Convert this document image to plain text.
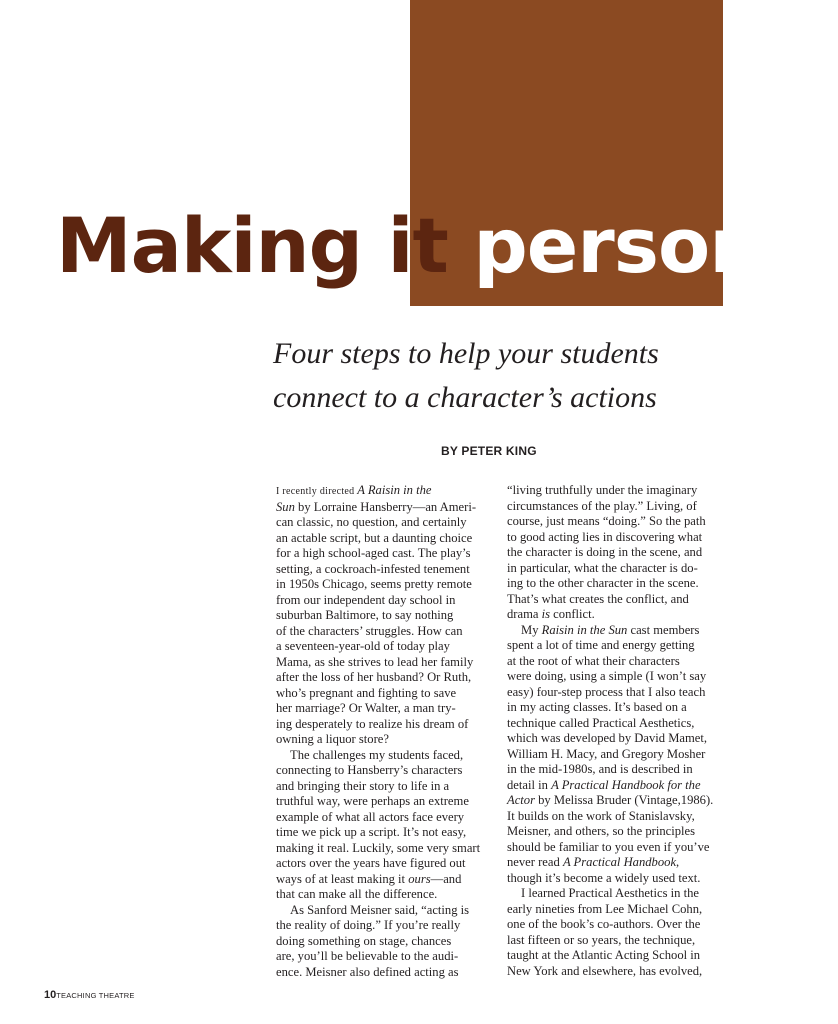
Making it personal
Four steps to help your students
connect to a character’s actions
BY PETER KING
I recently directed A Raisin in the
Sun by Lorraine Hansberry—an Ameri-
can classic, no question, and certainly
an actable script, but a daunting choice
for a high school-aged cast. The play’s
setting, a cockroach-infested tenement
in 1950s Chicago, seems pretty remote
from our independent day school in
suburban Baltimore, to say nothing
of the characters’ struggles. How can
a seventeen-year-old of today play
Mama, as she strives to lead her family
after the loss of her husband? Or Ruth,
who’s pregnant and fighting to save
her marriage? Or Walter, a man try-
ing desperately to realize his dream of
owning a liquor store?
The challenges my students faced,
connecting to Hansberry’s characters
and bringing their story to life in a
truthful way, were perhaps an extreme
example of what all actors face every
time we pick up a script. It’s not easy,
making it real. Luckily, some very smart
actors over the years have figured out
ways of at least making it ours—and
that can make all the difference.
As Sanford Meisner said, “acting is
the reality of doing.” If you’re really
doing something on stage, chances
are, you’ll be believable to the audi-
ence. Meisner also defined acting as
“living truthfully under the imaginary
circumstances of the play.” Living, of
course, just means “doing.” So the path
to good acting lies in discovering what
the character is doing in the scene, and
in particular, what the character is do-
ing to the other character in the scene.
That’s what creates the conflict, and
drama is conflict.
My Raisin in the Sun cast members
spent a lot of time and energy getting
at the root of what their characters
were doing, using a simple (I won’t say
easy) four-step process that I also teach
in my acting classes. It’s based on a
technique called Practical Aesthetics,
which was developed by David Mamet,
William H. Macy, and Gregory Mosher
in the mid-1980s, and is described in
detail in A Practical Handbook for the
Actor by Melissa Bruder (Vintage,1986).
It builds on the work of Stanislavsky,
Meisner, and others, so the principles
should be familiar to you even if you’ve
never read A Practical Handbook,
though it’s become a widely used text.
I learned Practical Aesthetics in the
early nineties from Lee Michael Cohn,
one of the book’s co-authors. Over the
last fifteen or so years, the technique,
taught at the Atlantic Acting School in
New York and elsewhere, has evolved,
10TEACHING THEATRE
